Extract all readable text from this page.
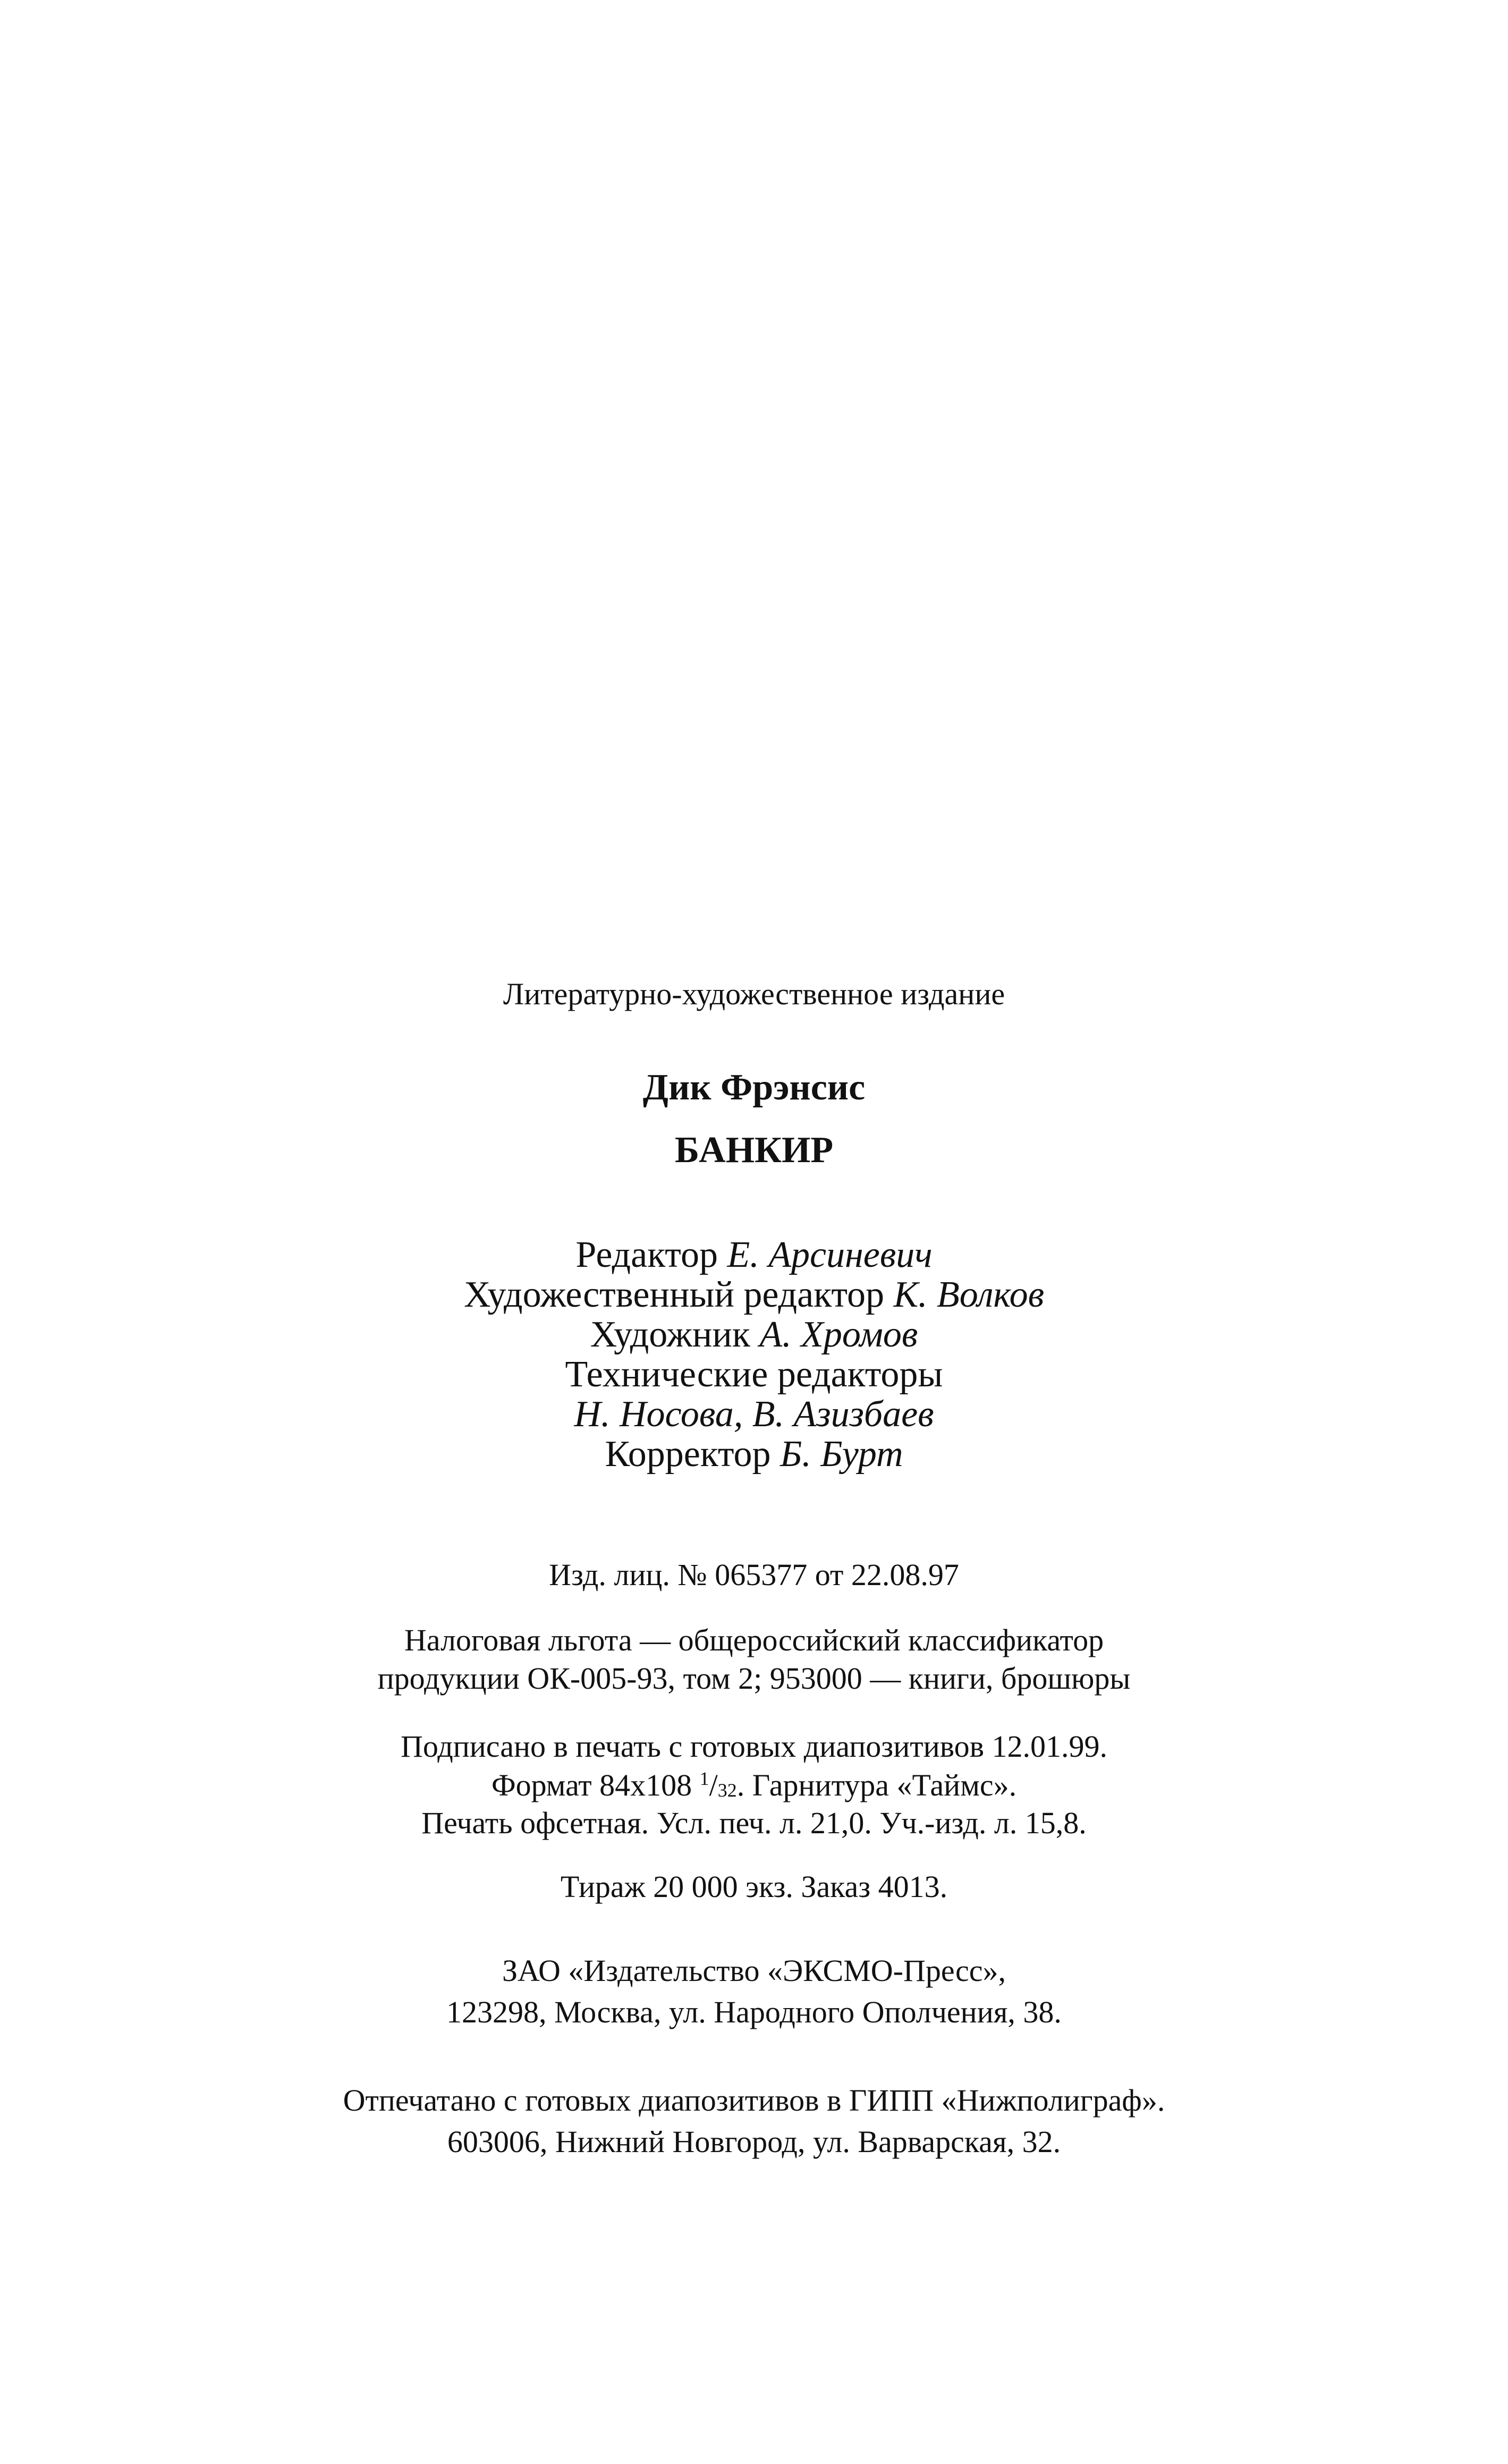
Литературно-художественное издание
Дик Фрэнсис
БАНКИР
Редактор Е. Арсиневич
Художественный редактор К. Волков
Художник А. Хромов
Технические редакторы
Н. Носова, В. Азизбаев
Корректор Б. Бурт
Изд. лиц. № 065377 от 22.08.97
Налоговая льгота — общероссийский классификатор
продукции ОК-005-93, том 2; 953000 — книги, брошюры
Подписано в печать с готовых диапозитивов 12.01.99.
Формат 84x108 $^1$/32. Гарнитура «Таймс».
Печать офсетная. Усл. печ. л. 21,0. Уч.-изд. л. 15,8.
Тираж 20 000 экз. Заказ 4013.
ЗАО «Издательство «ЭКСМО-Пресс»,
123298, Москва, ул. Народного Ополчения, 38.
Отпечатано с готовых диапозитивов в ГИПП «Нижполиграф».
603006, Нижний Новгород, ул. Варварская, 32.
